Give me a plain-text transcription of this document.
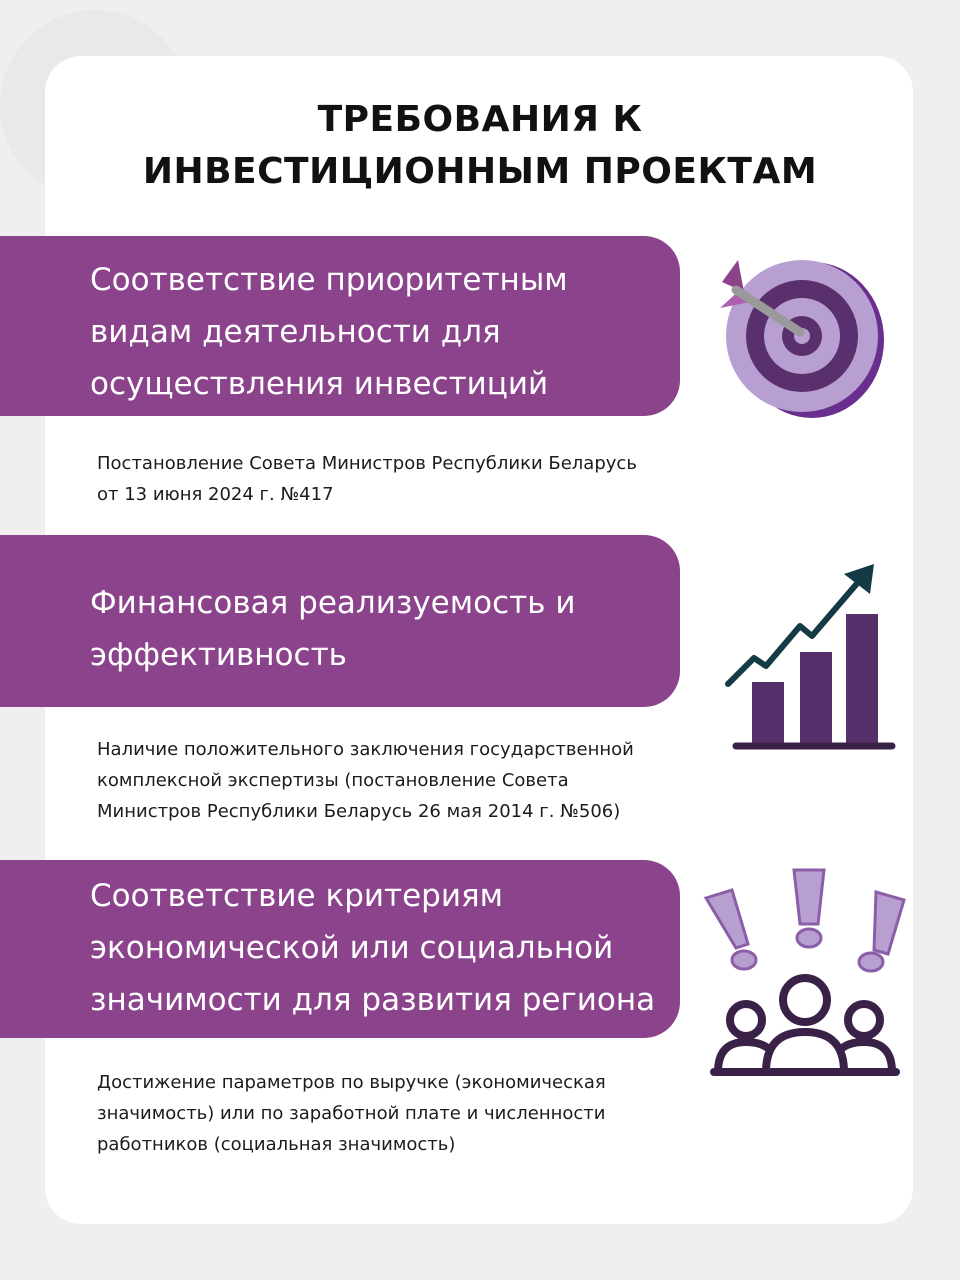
ТРЕБОВАНИЯ К
ИНВЕСТИЦИОННЫМ ПРОЕКТАМ
Соответствие приоритетным
видам деятельности для
осуществления инвестиций
Постановление Совета Министров Республики Беларусь
от 13 июня 2024 г. №417
Финансовая реализуемость и
эффективность
Наличие положительного заключения государственной
комплексной экспертизы (постановление Совета
Министров Республики Беларусь 26 мая 2014 г. №506)
Соответствие критериям
экономической или социальной
значимости для развития региона
Достижение параметров по выручке (экономическая
значимость) или по заработной плате и численности
работников (социальная значимость)
